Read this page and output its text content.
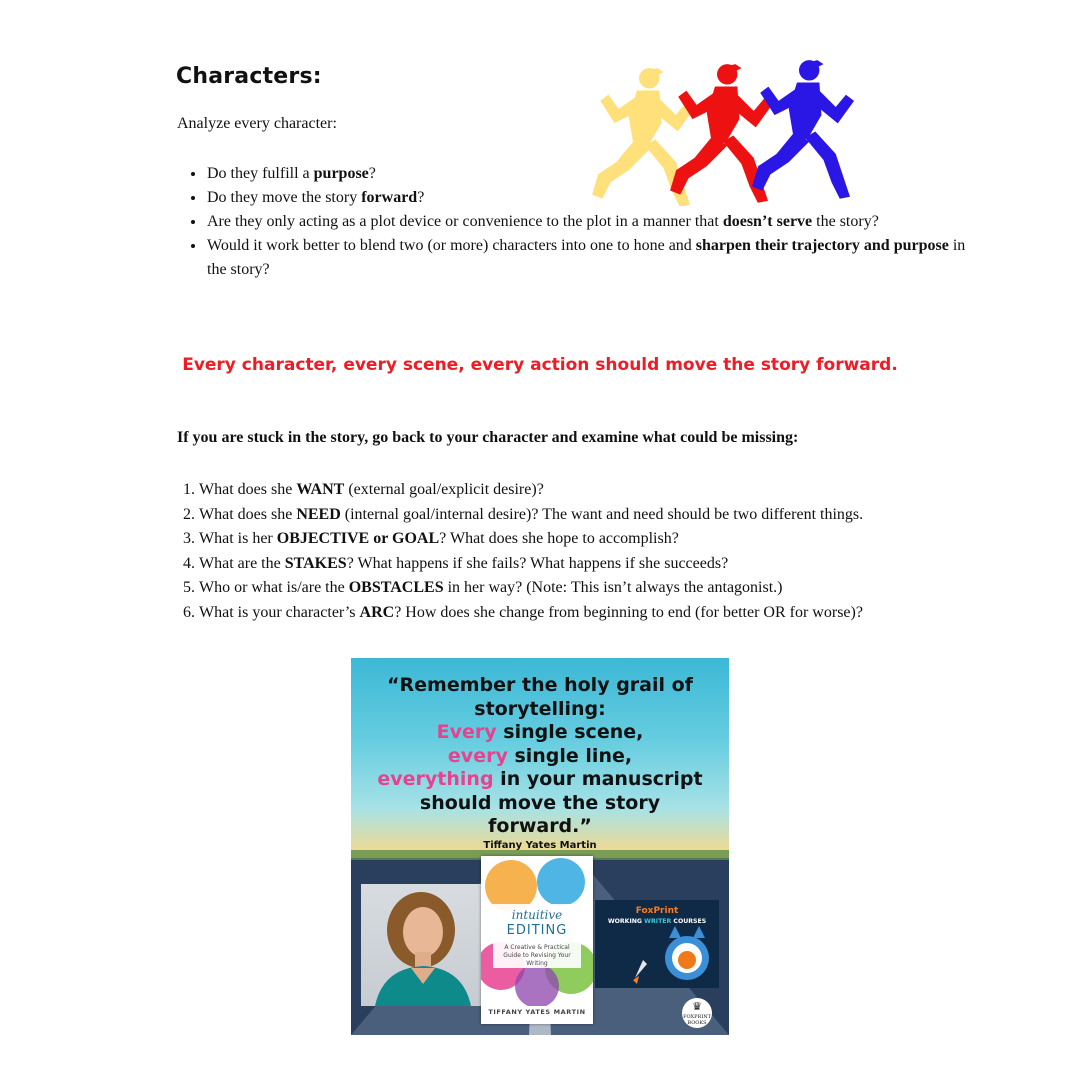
Characters:
Analyze every character:
• Do they fulfill a purpose?
• Do they move the story forward?
• Are they only acting as a plot device or convenience to the plot in a manner that doesn’t serve the story?
• Would it work better to blend two (or more) characters into one to hone and sharpen their trajectory and purpose in the story?
Every character, every scene, every action should move the story forward.
If you are stuck in the story, go back to your character and examine what could be missing:
1. What does she WANT (external goal/explicit desire)?
2. What does she NEED (internal goal/internal desire)? The want and need should be two different things.
3. What is her OBJECTIVE or GOAL? What does she hope to accomplish?
4. What are the STAKES? What happens if she fails? What happens if she succeeds?
5. Who or what is/are the OBSTACLES in her way? (Note: This isn’t always the antagonist.)
6. What is your character’s ARC? How does she change from beginning to end (for better OR for worse)?
“Remember the holy grail of
storytelling:
Every single scene,
every single line,
everything in your manuscript
should move the story
forward.”
Tiffany Yates Martin
intuitive
EDITING
A Creative & Practical Guide to Revising Your Writing
TIFFANY YATES MARTIN
FoxPrint
WORKING WRITER COURSES
♛
FOXPRINT
BOOKS
